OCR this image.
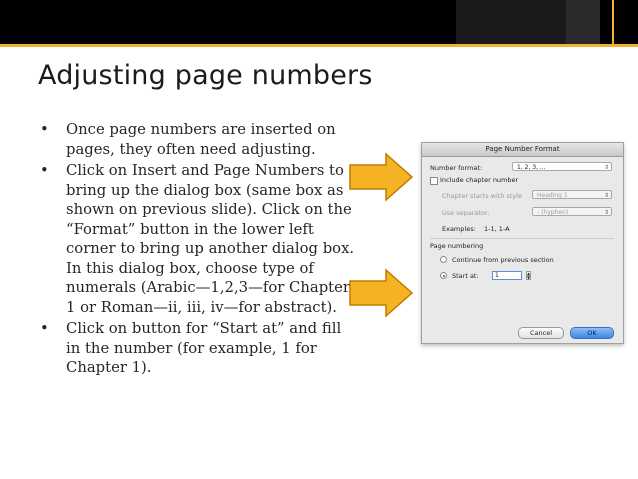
Adjusting page numbers
• Once page numbers are inserted on pages, they often need adjusting.
• Click on Insert and Page Numbers to bring up the dialog box (same box as shown on previous slide). Click on the “Format” button in the lower left corner to bring up another dialog box. In this dialog box, choose type of numerals (Arabic—1,2,3—for Chapter 1 or Roman—ii, iii, iv—for abstract).
• Click on button for “Start at” and fill in the number (for example, 1 for Chapter 1).
Page Number Format
Number format:	1, 2, 3, ...	⇕
Include chapter number
Chapter starts with style	Heading 1	⇕
Use separator:	- (hyphen)	⇕
Examples: 1-1, 1-A
Page numbering
Continue from previous section
Start at:	1	▲
▼
Cancel	OK
